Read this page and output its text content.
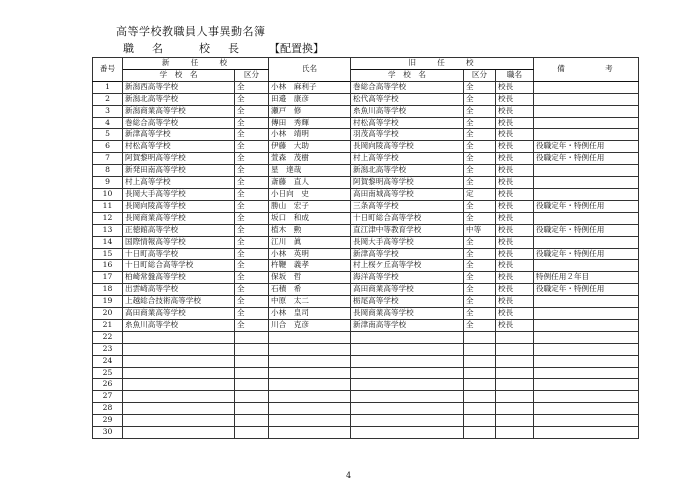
高等学校教職員人事異動名簿
職 名	校 長	【配置換】
番号	新　　任　　校		氏名	旧　　任　　校			備　　　　考
	学　校　名	区分		学　校　名	区分	職名	
1	新潟西高等学校	全	小林　麻利子	巻総合高等学校	全	校長	
2	新潟北高等学校	全	田邉　康彦	松代高等学校	全	校長	
3	新潟商業高等学校	全	瀬戸　修	糸魚川高等学校	全	校長	
4	巻総合高等学校	全	傳田　秀輝	村松高等学校	全	校長	
5	新津高等学校	全	小林　靖明	羽茂高等学校	全	校長	
6	村松高等学校	全	伊藤　大助	長岡向陵高等学校	全	校長	役職定年・特例任用
7	阿賀黎明高等学校	全	萱森　茂樹	村上高等学校	全	校長	役職定年・特例任用
8	新発田南高等学校	全	星　達哉	新潟北高等学校	全	校長	
9	村上高等学校	全	斎藤　直人	阿賀黎明高等学校	全	校長	
10	長岡大手高等学校	全	小日向　史	高田南城高等学校	定	校長	
11	長岡向陵高等学校	全	勝山　宏子	三条高等学校	全	校長	役職定年・特例任用
12	長岡商業高等学校	全	坂口　和成	十日町総合高等学校	全	校長	
13	正徳館高等学校	全	植木　勲	直江津中等教育学校	中等	校長	役職定年・特例任用
14	国際情報高等学校	全	江川　眞	長岡大手高等学校	全	校長	
15	十日町高等学校	全	小林　英明	新津高等学校	全	校長	役職定年・特例任用
16	十日町総合高等学校	全	杵鞭　義孝	村上桜ケ丘高等学校	全	校長	
17	柏崎常盤高等学校	全	保坂　哲	海洋高等学校	全	校長	特例任用２年目
18	出雲崎高等学校	全	石積　希	高田商業高等学校	全	校長	役職定年・特例任用
19	上越総合技術高等学校	全	中原　太二	栃尾高等学校	全	校長	
20	高田商業高等学校	全	小林　皇司	長岡商業高等学校	全	校長	
21	糸魚川高等学校	全	川合　克彦	新津南高等学校	全	校長	
22							
23							
24							
25							
26							
27							
28							
29							
30							
4
